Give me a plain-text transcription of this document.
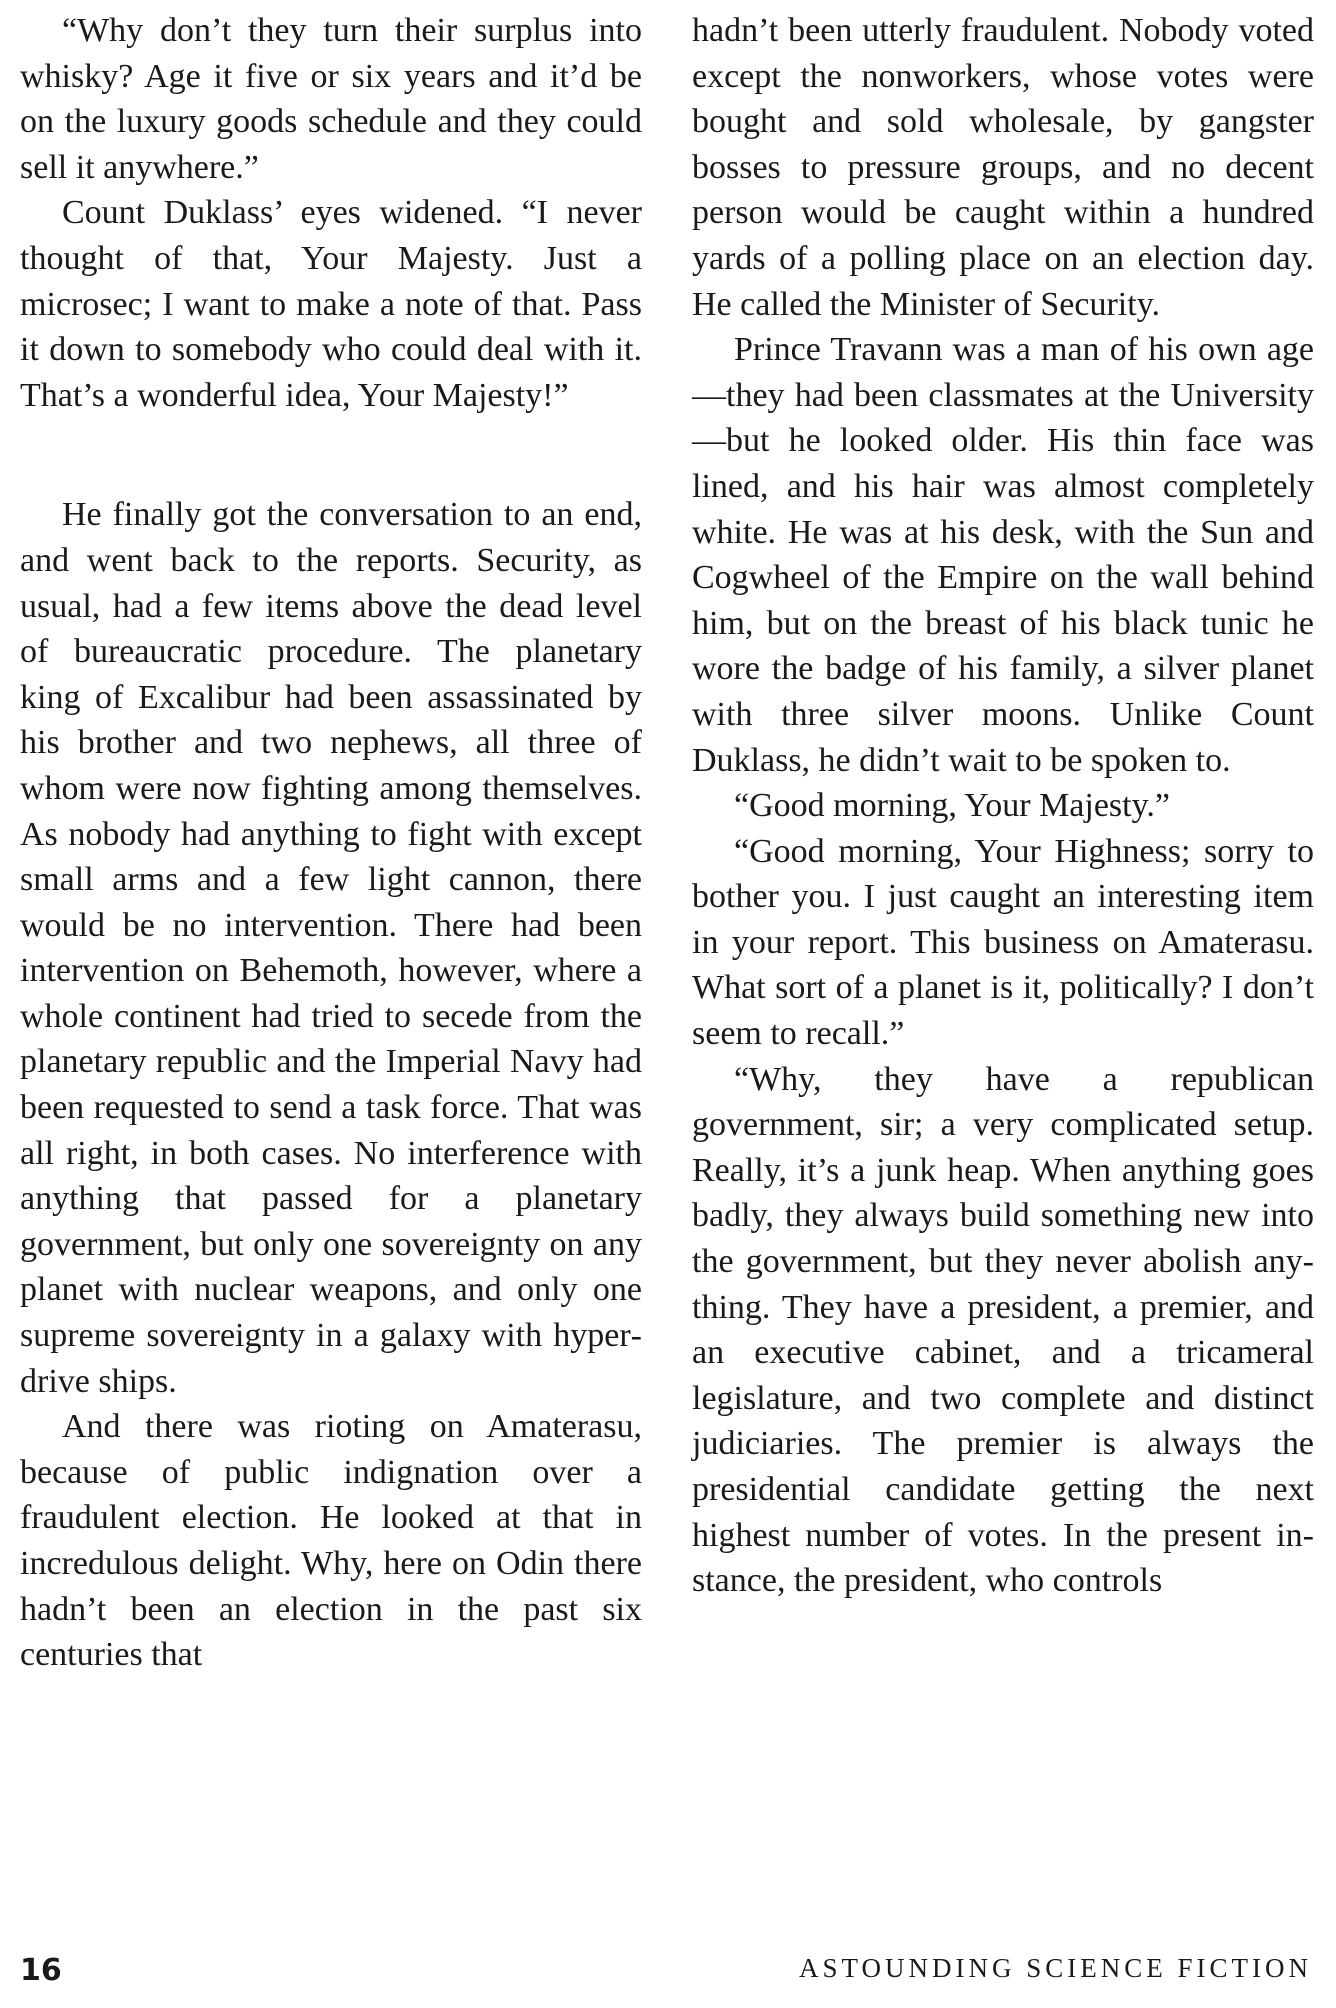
“Why don’t they turn their surplus into whisky? Age it five or six years and it’d be on the luxury goods schedule and they could sell it anywhere.”

Count Duklass’ eyes widened. “I never thought of that, Your Majesty. Just a microsec; I want to make a note of that. Pass it down to somebody who could deal with it. That’s a wonderful idea, Your Majesty!”

He finally got the conversation to an end, and went back to the reports. Security, as usual, had a few items above the dead level of bureaucratic procedure. The planetary king of Excalibur had been assassinated by his brother and two nephews, all three of whom were now fighting among themselves. As nobody had anything to fight with except small arms and a few light cannon, there would be no intervention. There had been intervention on Behemoth, however, where a whole continent had tried to secede from the planetary republic and the Imperial Navy had been requested to send a task force. That was all right, in both cases. No interference with anything that passed for a planetary government, but only one sovereignty on any planet with nuclear weapons, and only one supreme sovereignty in a galaxy with hyperdrive ships.

And there was rioting on Amaterasu, because of public indignation over a fraudulent election. He looked at that in incredulous delight. Why, here on Odin there hadn’t been an election in the past six centuries that

hadn’t been utterly fraudulent. Nobody voted except the nonworkers, whose votes were bought and sold wholesale, by gangster bosses to pressure groups, and no decent person would be caught within a hundred yards of a polling place on an election day. He called the Minister of Security.

Prince Travann was a man of his own age—they had been classmates at the University—but he looked older. His thin face was lined, and his hair was almost completely white. He was at his desk, with the Sun and Cogwheel of the Empire on the wall behind him, but on the breast of his black tunic he wore the badge of his family, a silver planet with three silver moons. Unlike Count Duklass, he didn’t wait to be spoken to.

“Good morning, Your Majesty.”

“Good morning, Your Highness; sorry to bother you. I just caught an interesting item in your report. This business on Amaterasu. What sort of a planet is it, politically? I don’t seem to recall.”

“Why, they have a republican government, sir; a very complicated setup. Really, it’s a junk heap. When anything goes badly, they always build something new into the government, but they never abolish anything. They have a president, a premier, and an executive cabinet, and a tricameral legislature, and two complete and distinct judiciaries. The premier is always the presidential candidate getting the next highest number of votes. In the present instance, the president, who controls

16	ASTOUNDING SCIENCE FICTION
